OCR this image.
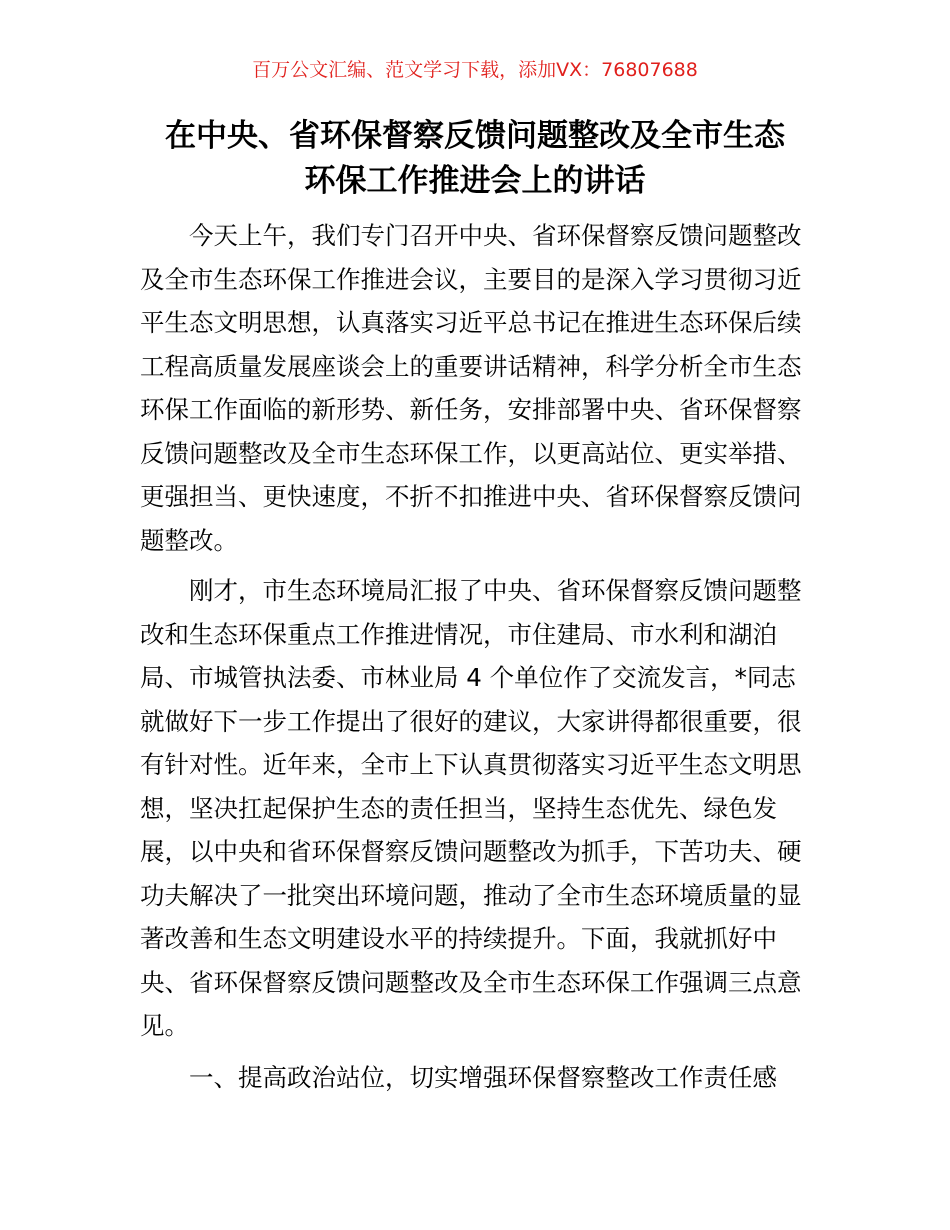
百万公文汇编、范文学习下载，添加VX：76807688
在中央、省环保督察反馈问题整改及全市生态
环保工作推进会上的讲话
今天上午，我们专门召开中央、省环保督察反馈问题整改
及全市生态环保工作推进会议，主要目的是深入学习贯彻习近
平生态文明思想，认真落实习近平总书记在推进生态环保后续
工程高质量发展座谈会上的重要讲话精神，科学分析全市生态
环保工作面临的新形势、新任务，安排部署中央、省环保督察
反馈问题整改及全市生态环保工作，以更高站位、更实举措、
更强担当、更快速度，不折不扣推进中央、省环保督察反馈问
题整改。
刚才，市生态环境局汇报了中央、省环保督察反馈问题整
改和生态环保重点工作推进情况，市住建局、市水利和湖泊
局、市城管执法委、市林业局 4 个单位作了交流发言，*同志
就做好下一步工作提出了很好的建议，大家讲得都很重要，很
有针对性。近年来，全市上下认真贯彻落实习近平生态文明思
想，坚决扛起保护生态的责任担当，坚持生态优先、绿色发
展，以中央和省环保督察反馈问题整改为抓手，下苦功夫、硬
功夫解决了一批突出环境问题，推动了全市生态环境质量的显
著改善和生态文明建设水平的持续提升。下面，我就抓好中
央、省环保督察反馈问题整改及全市生态环保工作强调三点意
见。
一、提高政治站位，切实增强环保督察整改工作责任感
